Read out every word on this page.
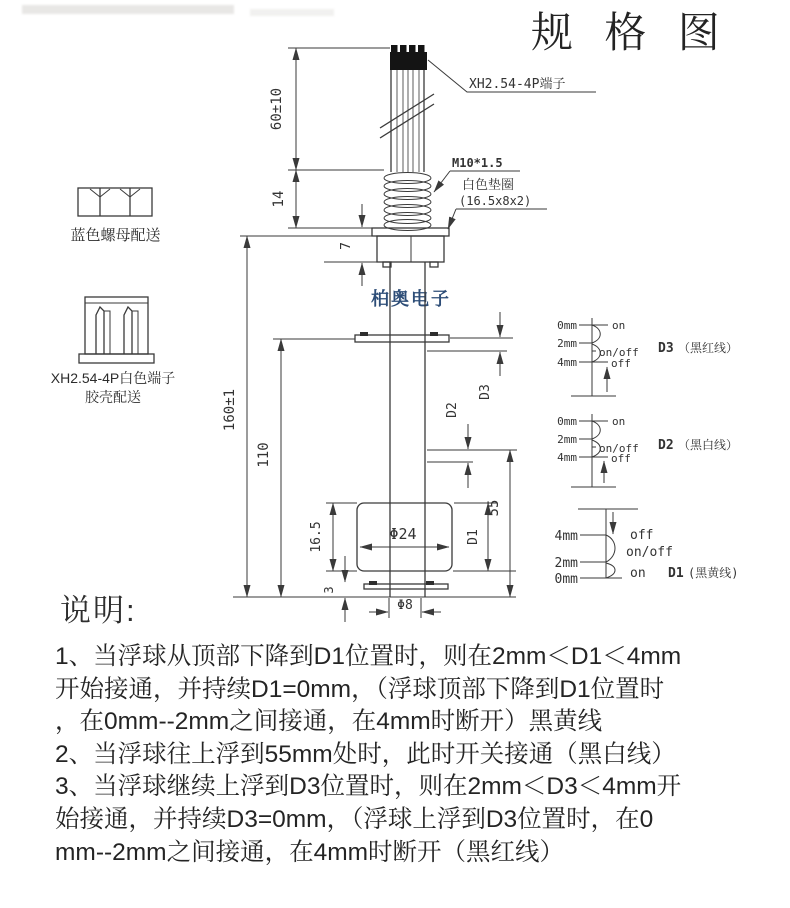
规 格 图
柏奥电子
蓝色螺母配送
XH2.54-4P白色端子
胶壳配送
说明:
1、当浮球从顶部下降到D1位置时，则在2mm＜D1＜4mm
开始接通，并持续D1=0mm，（浮球顶部下降到D1位置时
，在0mm--2mm之间接通，在4mm时断开）黑黄线
2、当浮球往上浮到55mm处时，此时开关接通（黑白线）
3、当浮球继续上浮到D3位置时，则在2mm＜D3＜4mm开
始接通，并持续D3=0mm，（浮球上浮到D3位置时，在0
mm--2mm之间接通，在4mm时断开（黑红线）
60±10
14
7
160±1
110
16.5
3
Φ24
Φ8
D1
55
D2
D3
XH2.54-4P端子
M10*1.5
白色垫圈
(16.5x8x2)
0mm
2mm
4mm
on
on/off
off
D3 （黑红线）
0mm
2mm
4mm
on
on/off
off
D2 （黑白线）
4mm
2mm
0mm
off
on/off
on D1 (黑黄线)
